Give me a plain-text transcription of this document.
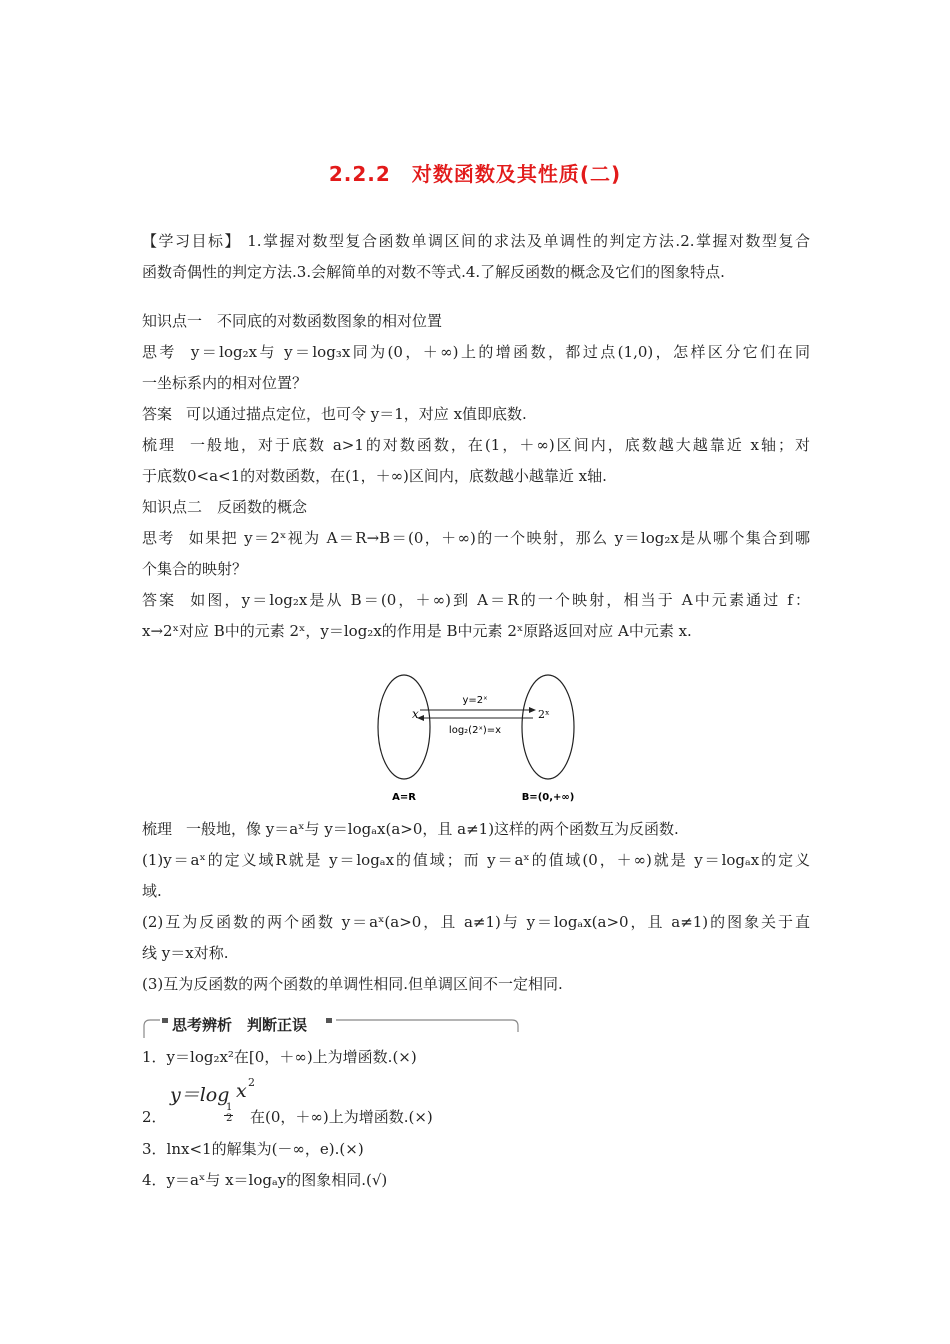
2.2.2　对数函数及其性质(二)
【学习目标】 1.掌握对数型复合函数单调区间的求法及单调性的判定方法.2.掌握对数型复合
函数奇偶性的判定方法.3.会解简单的对数不等式.4.了解反函数的概念及它们的图象特点.
知识点一　不同底的对数函数图象的相对位置
思考 y＝log₂x与 y＝log₃x同为(0，＋∞)上的增函数，都过点(1,0)，怎样区分它们在同
一坐标系内的相对位置？
答案 可以通过描点定位，也可令 y＝1，对应 x值即底数.
梳理 一般地，对于底数 a>1的对数函数，在(1，＋∞)区间内，底数越大越靠近 x轴；对
于底数0<a<1的对数函数，在(1，＋∞)区间内，底数越小越靠近 x轴.
知识点二　反函数的概念
思考 如果把 y＝2ˣ视为 A＝R→B＝(0，＋∞)的一个映射，那么 y＝log₂x是从哪个集合到哪
个集合的映射？
答案 如图，y＝log₂x是从 B＝(0，＋∞)到 A＝R的一个映射，相当于 A中元素通过 f：
x→2ˣ对应 B中的元素 2ˣ，y＝log₂x的作用是 B中元素 2ˣ原路返回对应 A中元素 x.
x	2ˣ
y=2ˣ
log₂(2ˣ)=x
A=R	B=(0,+∞)
梳理 一般地，像 y＝aˣ与 y＝logₐx(a>0，且 a≠1)这样的两个函数互为反函数.
(1)y＝aˣ的定义域R就是 y＝logₐx的值域；而 y＝aˣ的值域(0，＋∞)就是 y＝logₐx的定义
域.
(2)互为反函数的两个函数 y＝aˣ(a>0，且 a≠1)与 y＝logₐx(a>0，且 a≠1)的图象关于直
线 y＝x对称.
(3)互为反函数的两个函数的单调性相同.但单调区间不一定相同.
思考辨析　判断正误
1．y＝log₂x²在[0，＋∞)上为增函数.(×)
2．
y＝log
1
2
x 2
在(0，＋∞)上为增函数.(×)
3．lnx<1的解集为(－∞，e).(×)
4．y＝aˣ与 x＝logₐy的图象相同.(√)
